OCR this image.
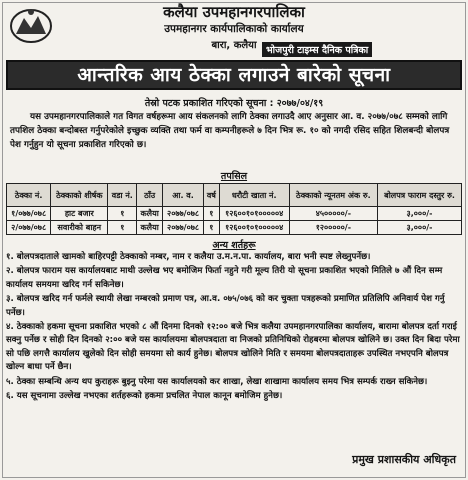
कलैया उपमहानगरपालिका
उपमहानगर कार्यपालिकाको कार्यालय
बारा, कलैया भोजपुरी टाइम्स दैनिक पत्रिका
आन्तरिक आय ठेक्का लगाउने बारेको सूचना
तेस्रो पटक प्रकाशित गरिएको सूचना : २०७७/०४/१९
यस उपमहानगरपालिकाले गत विगत वर्षहरूमा आय संकलनको लागि ठेक्का लगाउदै आए अनुसार आ. व. २०७७/०७८ सम्मको लागि तपशिल ठेक्का बन्दोबस्त गर्नुपरेकोले इच्छुक व्यक्ति तथा फर्म वा कम्पनीहरूले ७ दिन भित्र रू. १० को नगदी रसिद सहित शिलबन्दी बोलपत्र पेश गर्नुहुन यो सूचना प्रकाशित गरिएको छ।
तपसिल
ठेक्का नं.	ठेक्काको शीर्षक	वडा नं.	ठाँउ	आ. व.	वर्ष	धरौटी खाता नं.	ठेक्काको न्यूनतम अंक रु.	बोलपत्र फाराम दस्तुर रु.
१/०७७/०७८	हाट बजार	१	कलैया	२०७७/०७८	१	१२६००१०१०००००४	४५०००००/-	३,०००/-
२/०७७/०७८	सवारीको बाहन	१	कलैया	२०७७/०७८	१	१२६००१०१०००००४	१२०००००/-	३,०००/-
अन्य शर्तहरू
१. बोलपत्रदाताले खामको बाहिरपट्टी ठेक्काको नम्बर, नाम र कलैया उ.म.न.पा. कार्यालय, बारा भनी स्पष्ट लेख्नुपर्नेछ।
२. बोलपत्र फाराम यस कार्यालयबाट माथी उल्लेख भए बमोजिम फिर्ता नहुने गरी मूल्य तिरी यो सूचना प्रकाशित भएको मितिले ७ औं दिन सम्म कार्यालय समयमा खरिद गर्न सकिनेछ।
३. बोलपत्र खरिद गर्न फर्मले स्थायी लेखा नम्बरको प्रमाण पत्र, आ.व. ०७५/०७६ को कर चुक्ता पत्रहरूको प्रमाणित प्रतिलिपि अनिवार्य पेश गर्नु पर्नेछ।
४. ठेक्काको हकमा सूचना प्रकाशित भएको ८ औं दिनमा दिनको १२:०० बजे भित्र कलैया उपमहानगरपालिका कार्यालय, बारामा बोलपत्र दर्ता गराई सक्नु पर्नेछ र सोही दिन दिनको २:०० बजे यस कार्यालयमा बोलपत्रदाता वा निजको प्रतिनिधिको रोहबरमा बोलपत्र खोलिने छ। उक्त दिन बिदा परेमा सो पछि लगत्तै कार्यालय खुलेको दिन सोही समयमा सो कार्य हुनेछ। बोलपत्र खोलिने मिति र समयमा बोलपत्रदाताहरू उपस्थित नभएपनि बोलपत्र खोल्न बाधा पर्ने छैन।
५. ठेक्का सम्बन्धि अन्य थप कुराहरू बुझ्नु परेमा यस कार्यालयको कर शाखा, लेखा शाखामा कार्यालय समय भित्र सम्पर्क राख्न सकिनेछ।
६. यस सूचनामा उल्लेख नभएका शर्तहरूको हकमा प्रचलित नेपाल कानून बमोजिम हुनेछ।
प्रमुख प्रशासकीय अधिकृत
